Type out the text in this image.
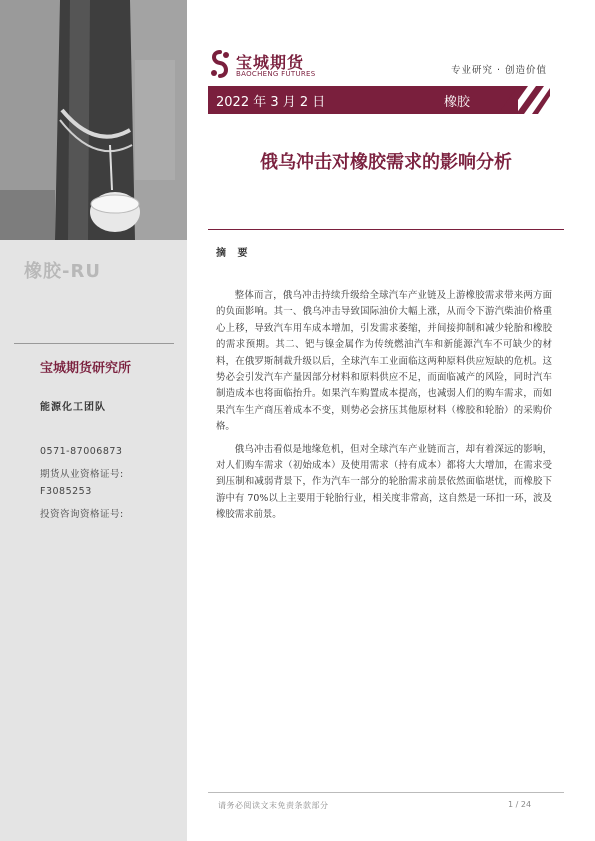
橡胶-RU
宝城期货研究所
能源化工团队
0571-87006873
期货从业资格证号:
F3085253
投资咨询资格证号:
宝城期货
BAOCHENG FUTURES	专业研究 · 创造价值
2022 年 3 月 2 日	橡胶
俄乌冲击对橡胶需求的影响分析
摘 要

整体而言，俄乌冲击持续升级给全球汽车产业链及上游橡胶需求带来两方面的负面影响。其一、俄乌冲击导致国际油价大幅上涨，从而令下游汽柴油价格重心上移，导致汽车用车成本增加，引发需求萎缩，并间接抑制和减少轮胎和橡胶的需求预期。其二、钯与镍金属作为传统燃油汽车和新能源汽车不可缺少的材料，在俄罗斯制裁升级以后，全球汽车工业面临这两种原料供应短缺的危机。这势必会引发汽车产量因部分材料和原料供应不足，而面临减产的风险，同时汽车制造成本也将面临抬升。如果汽车购置成本提高，也减弱人们的购车需求，而如果汽车生产商压着成本不变，则势必会挤压其他原材料（橡胶和轮胎）的采购价格。

俄乌冲击看似是地缘危机，但对全球汽车产业链而言，却有着深远的影响，对人们购车需求（初始成本）及使用需求（持有成本）都将大大增加，在需求受到压制和减弱背景下，作为汽车一部分的轮胎需求前景依然面临堪忧，而橡胶下游中有 70%以上主要用于轮胎行业，相关度非常高，这自然是一环扣一环，波及橡胶需求前景。

请务必阅读文末免责条款部分	1 / 24
